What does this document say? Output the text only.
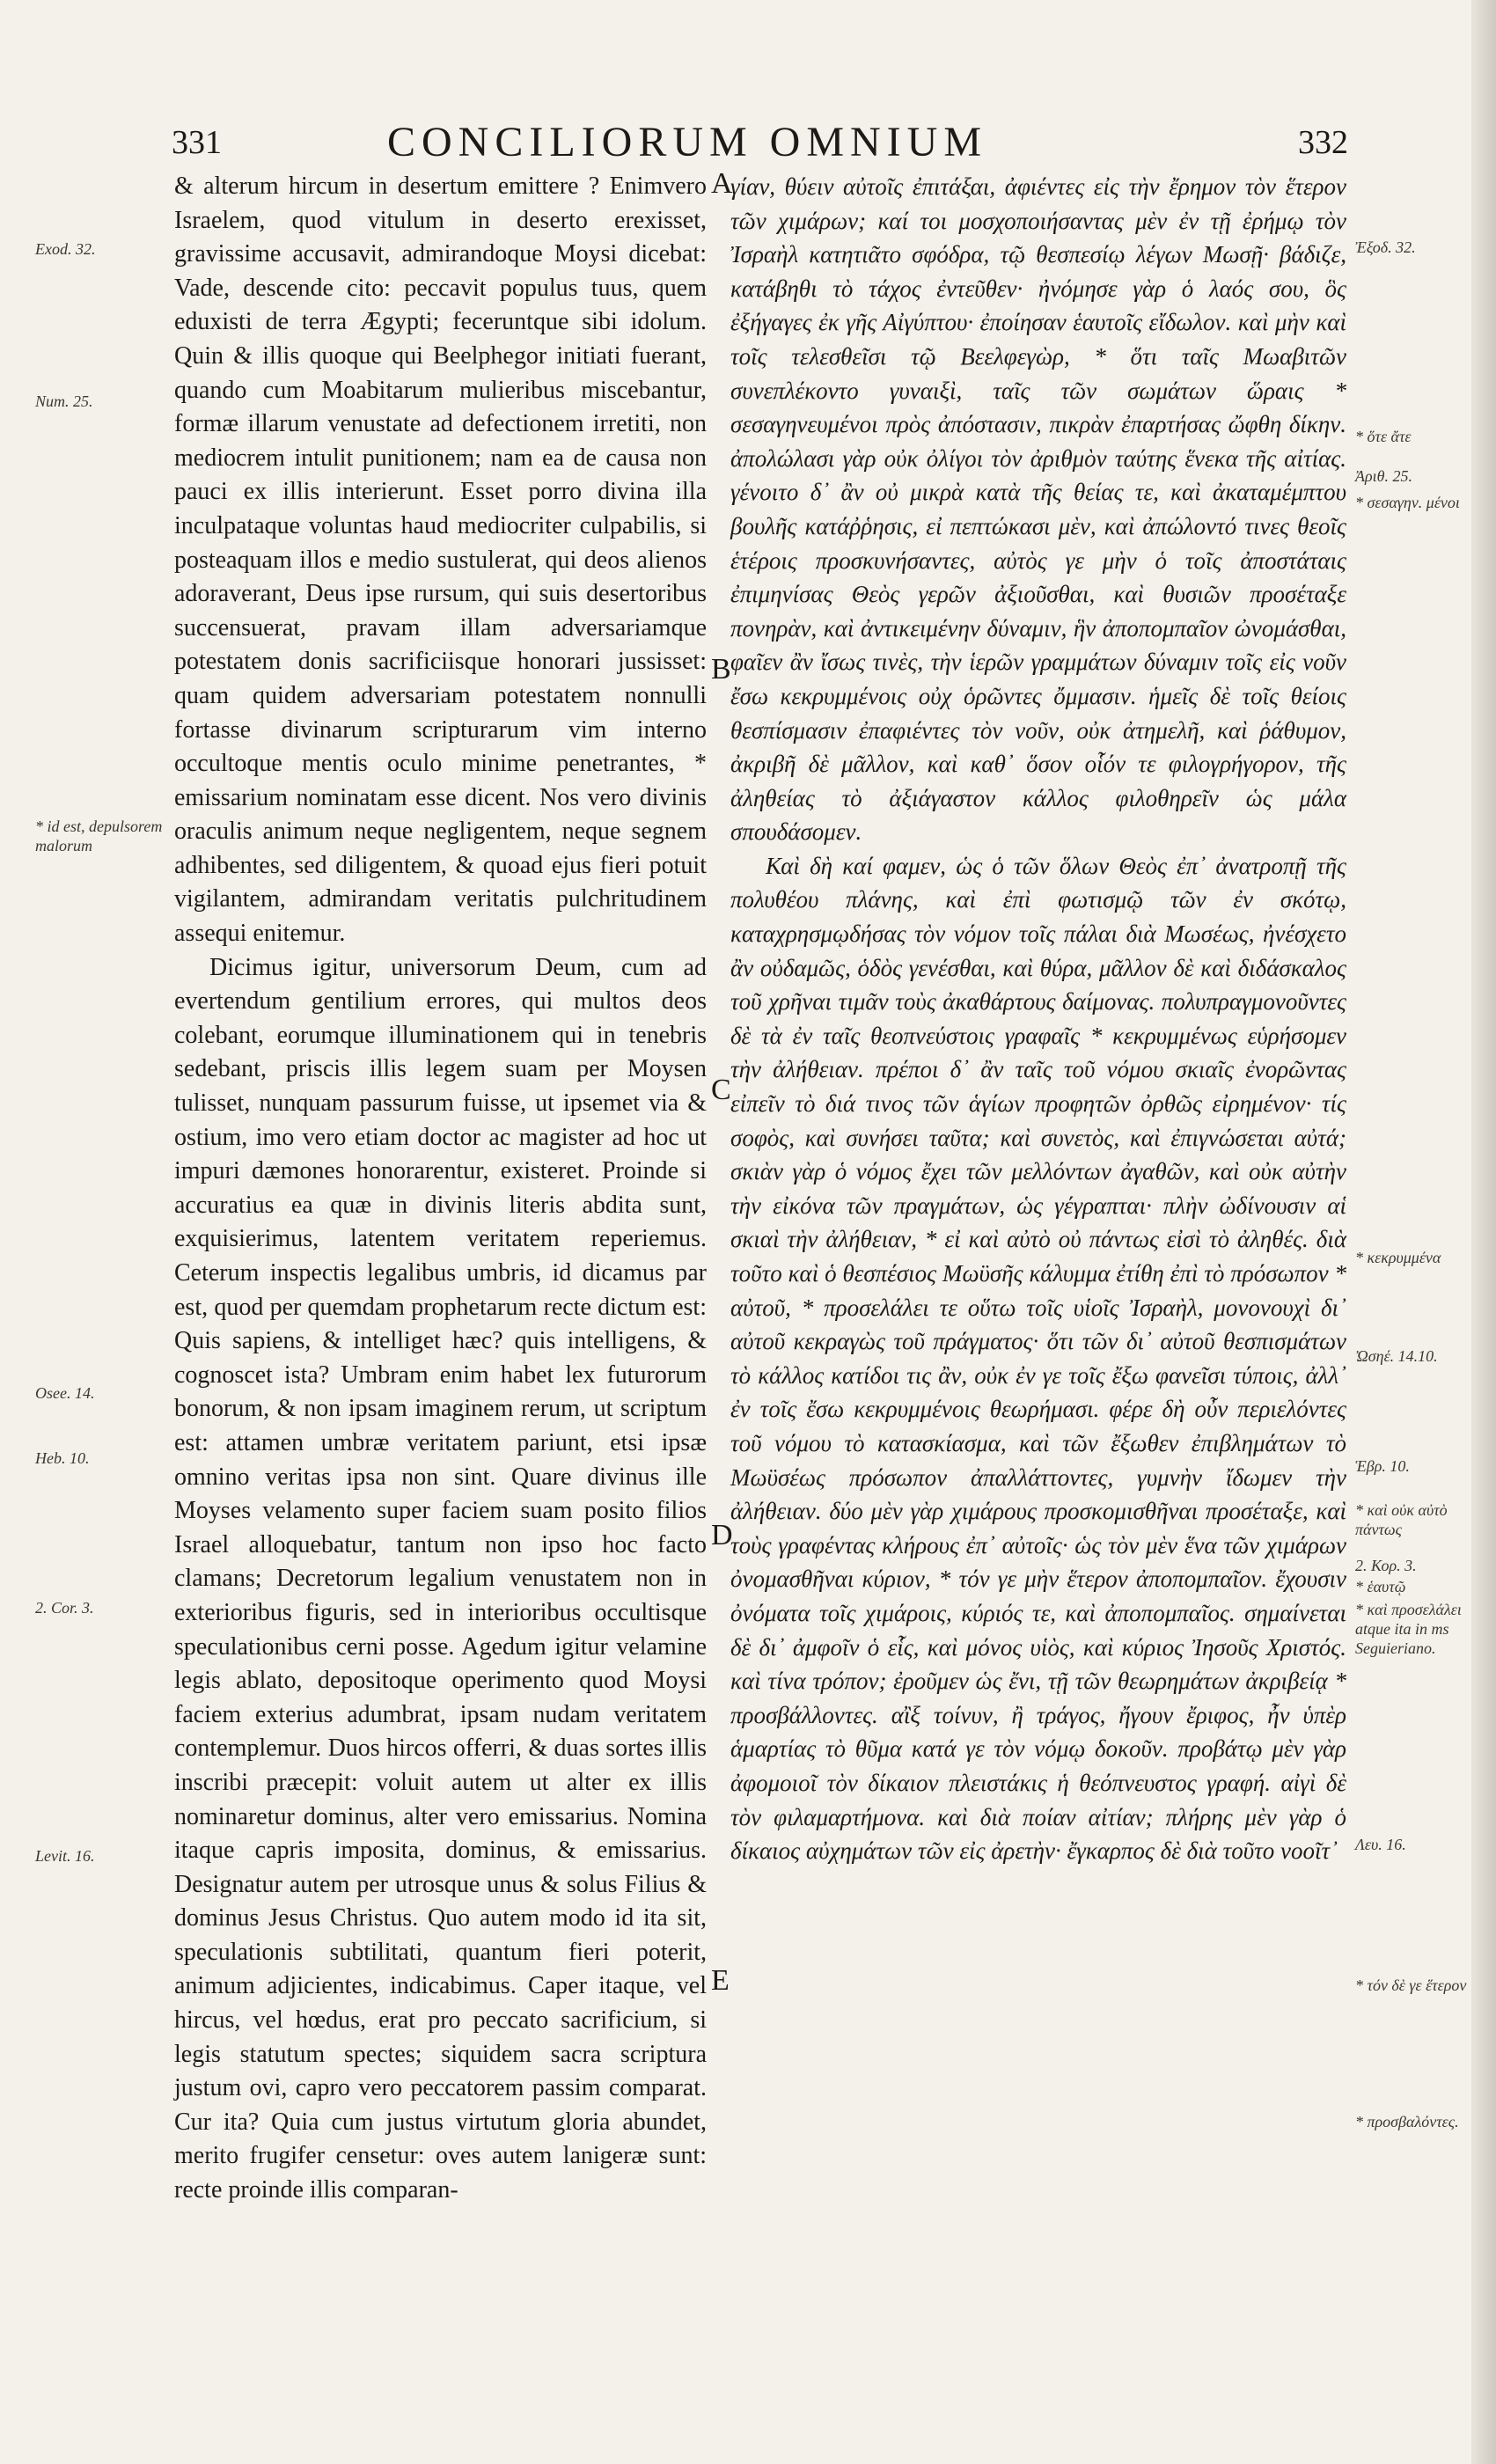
331	CONCILIORUM OMNIUM	332
Exod. 32.
Num. 25.
* id est, depulsorem malorum
Osee. 14.
Heb. 10.
2. Cor. 3.
Levit. 16.

& alterum hircum in desertum emittere ? Enimvero Israelem, quod vitulum in deserto erexisset, gravissime accusavit, admirandoque Moysi dicebat: Vade, descende cito: peccavit populus tuus, quem eduxisti de terra Ægypti; feceruntque sibi idolum. Quin & illis quoque qui Beelphegor initiati fuerant, quando cum Moabitarum mulieribus miscebantur, formæ illarum venustate ad defectionem irretiti, non mediocrem intulit punitionem; nam ea de causa non pauci ex illis interierunt. Esset porro divina illa inculpataque voluntas haud mediocriter culpabilis, si posteaquam illos e medio sustulerat, qui deos alienos adoraverant, Deus ipse rursum, qui suis desertoribus succensuerat, pravam illam adversariamque potestatem donis sacrificiisque honorari jussisset: quam quidem adversariam potestatem nonnulli fortasse divinarum scripturarum vim interno occultoque mentis oculo minime penetrantes, * emissarium nominatam esse dicent. Nos vero divinis oraculis animum neque negligentem, neque segnem adhibentes, sed diligentem, & quoad ejus fieri potuit vigilantem, admirandam veritatis pulchritudinem assequi enitemur.

Dicimus igitur, universorum Deum, cum ad evertendum gentilium errores, qui multos deos colebant, eorumque illuminationem qui in tenebris sedebant, priscis illis legem suam per Moysen tulisset, nunquam passurum fuisse, ut ipsemet via & ostium, imo vero etiam doctor ac magister ad hoc ut impuri dæmones honorarentur, existeret. Proinde si accuratius ea quæ in divinis literis abdita sunt, exquisierimus, latentem veritatem reperiemus. Ceterum inspectis legalibus umbris, id dicamus par est, quod per quemdam prophetarum recte dictum est: Quis sapiens, & intelliget hæc? quis intelligens, & cognoscet ista? Umbram enim habet lex futurorum bonorum, & non ipsam imaginem rerum, ut scriptum est: attamen umbræ veritatem pariunt, etsi ipsæ omnino veritas ipsa non sint. Quare divinus ille Moyses velamento super faciem suam posito filios Israel alloquebatur, tantum non ipso hoc facto clamans; Decretorum legalium venustatem non in exterioribus figuris, sed in interioribus occultisque speculationibus cerni posse. Agedum igitur velamine legis ablato, depositoque operimento quod Moysi faciem exterius adumbrat, ipsam nudam veritatem contemplemur. Duos hircos offerri, & duas sortes illis inscribi præcepit: voluit autem ut alter ex illis nominaretur dominus, alter vero emissarius. Nomina itaque capris imposita, dominus, & emissarius. Designatur autem per utrosque unus & solus Filius & dominus Jesus Christus. Quo autem modo id ita sit, speculationis subtilitati, quantum fieri poterit, animum adjicientes, indicabimus. Caper itaque, vel hircus, vel hœdus, erat pro peccato sacrificium, si legis statutum spectes; siquidem sacra scriptura justum ovi, capro vero peccatorem passim comparat. Cur ita? Quia cum justus virtutum gloria abundet, merito frugifer censetur: oves autem lanigeræ sunt: recte proinde illis comparan-

A
B
C
D
E

γίαν, θύειν αὐτοῖς ἐπιτάξαι, ἀφιέντες εἰς τὴν ἔρημον τὸν ἕτερον τῶν χιμάρων; καί τοι μοσχοποιήσαντας μὲν ἐν τῇ ἐρήμῳ τὸν Ἰσραὴλ κατητιᾶτο σφόδρα, τῷ θεσπεσίῳ λέγων Μωσῇ· βάδιζε, κατάβηθι τὸ τάχος ἐντεῦθεν· ἠνόμησε γὰρ ὁ λαός σου, ὃς ἐξήγαγες ἐκ γῆς Αἰγύπτου· ἐποίησαν ἑαυτοῖς εἴδωλον. καὶ μὴν καὶ τοῖς τελεσθεῖσι τῷ Βεελφεγὼρ, * ὅτι ταῖς Μωαβιτῶν συνεπλέκοντο γυναιξὶ, ταῖς τῶν σωμάτων ὥραις * σεσαγηνευμένοι πρὸς ἀπόστασιν, πικρὰν ἐπαρτήσας ὤφθη δίκην. ἀπολώλασι γὰρ οὐκ ὀλίγοι τὸν ἀριθμὸν ταύτης ἕνεκα τῆς αἰτίας. γένοιτο δ᾽ ἂν οὐ μικρὰ κατὰ τῆς θείας τε, καὶ ἀκαταμέμπτου βουλῆς κατάῤῥησις, εἰ πεπτώκασι μὲν, καὶ ἀπώλοντό τινες θεοῖς ἑτέροις προσκυνήσαντες, αὐτὸς γε μὴν ὁ τοῖς ἀποστάταις ἐπιμηνίσας Θεὸς γερῶν ἀξιοῦσθαι, καὶ θυσιῶν προσέταξε πονηρὰν, καὶ ἀντικειμένην δύναμιν, ἣν ἀποπομπαῖον ὠνομάσθαι, φαῖεν ἂν ἴσως τινὲς, τὴν ἱερῶν γραμμάτων δύναμιν τοῖς εἰς νοῦν ἔσω κεκρυμμένοις οὐχ ὁρῶντες ὄμμασιν. ἡμεῖς δὲ τοῖς θείοις θεσπίσμασιν ἐπαφιέντες τὸν νοῦν, οὐκ ἀτημελῆ, καὶ ῥάθυμον, ἀκριβῆ δὲ μᾶλλον, καὶ καθ᾽ ὅσον οἷόν τε φιλογρήγορον, τῆς ἀληθείας τὸ ἀξιάγαστον κάλλος φιλοθηρεῖν ὡς μάλα σπουδάσομεν.

Καὶ δὴ καί φαμεν, ὡς ὁ τῶν ὅλων Θεὸς ἐπ᾽ ἀνατροπῇ τῆς πολυθέου πλάνης, καὶ ἐπὶ φωτισμῷ τῶν ἐν σκότῳ, καταχρησμῳδήσας τὸν νόμον τοῖς πάλαι διὰ Μωσέως, ἠνέσχετο ἂν οὐδαμῶς, ὁδὸς γενέσθαι, καὶ θύρα, μᾶλλον δὲ καὶ διδάσκαλος τοῦ χρῆναι τιμᾶν τοὺς ἀκαθάρτους δαίμονας. πολυπραγμονοῦντες δὲ τὰ ἐν ταῖς θεοπνεύστοις γραφαῖς * κεκρυμμένως εὑρήσομεν τὴν ἀλήθειαν. πρέποι δ᾽ ἂν ταῖς τοῦ νόμου σκιαῖς ἐνορῶντας εἰπεῖν τὸ διά τινος τῶν ἁγίων προφητῶν ὀρθῶς εἰρημένον· τίς σοφὸς, καὶ συνήσει ταῦτα; καὶ συνετὸς, καὶ ἐπιγνώσεται αὐτά; σκιὰν γὰρ ὁ νόμος ἔχει τῶν μελλόντων ἀγαθῶν, καὶ οὐκ αὐτὴν τὴν εἰκόνα τῶν πραγμάτων, ὡς γέγραπται· πλὴν ὠδίνουσιν αἱ σκιαὶ τὴν ἀλήθειαν, * εἰ καὶ αὐτὸ οὐ πάντως εἰσὶ τὸ ἀληθές. διὰ τοῦτο καὶ ὁ θεσπέσιος Μωϋσῆς κάλυμμα ἐτίθη ἐπὶ τὸ πρόσωπον * αὐτοῦ, * προσελάλει τε οὕτω τοῖς υἱοῖς Ἰσραὴλ, μονονουχὶ δι᾽ αὐτοῦ κεκραγὼς τοῦ πράγματος· ὅτι τῶν δι᾽ αὐτοῦ θεσπισμάτων τὸ κάλλος κατίδοι τις ἂν, οὐκ ἐν γε τοῖς ἔξω φανεῖσι τύποις, ἀλλ᾽ ἐν τοῖς ἔσω κεκρυμμένοις θεωρήμασι. φέρε δὴ οὖν περιελόντες τοῦ νόμου τὸ κατασκίασμα, καὶ τῶν ἔξωθεν ἐπιβλημάτων τὸ Μωϋσέως πρόσωπον ἀπαλλάττοντες, γυμνὴν ἴδωμεν τὴν ἀλήθειαν. δύο μὲν γὰρ χιμάρους προσκομισθῆναι προσέταξε, καὶ τοὺς γραφέντας κλήρους ἐπ᾽ αὐτοῖς· ὡς τὸν μὲν ἕνα τῶν χιμάρων ὀνομασθῆναι κύριον, * τόν γε μὴν ἕτερον ἀποπομπαῖον. ἔχουσιν ὀνόματα τοῖς χιμάροις, κύριός τε, καὶ ἀποπομπαῖος. σημαίνεται δὲ δι᾽ ἀμφοῖν ὁ εἷς, καὶ μόνος υἱὸς, καὶ κύριος Ἰησοῦς Χριστός. καὶ τίνα τρόπον; ἐροῦμεν ὡς ἔνι, τῇ τῶν θεωρημάτων ἀκριβείᾳ * προσβάλλοντες. αἲξ τοίνυν, ἢ τράγος, ἤγουν ἔριφος, ἦν ὑπὲρ ἁμαρτίας τὸ θῦμα κατά γε τὸν νόμῳ δοκοῦν. προβάτῳ μὲν γὰρ ἀφομοιοῖ τὸν δίκαιον πλειστάκις ἡ θεόπνευστος γραφή. αἰγὶ δὲ τὸν φιλαμαρτήμονα. καὶ διὰ ποίαν αἰτίαν; πλήρης μὲν γὰρ ὁ δίκαιος αὐχημάτων τῶν εἰς ἀρετὴν· ἔγκαρπος δὲ διὰ τοῦτο νοοῖτ᾽

Ἐξοδ. 32.
* ὅτε ἄτε
Ἀριθ. 25.
* σεσαγην. μένοι
* κεκρυμμένα
Ὠσηέ. 14.10.
Ἑβρ. 10.
* καὶ οὐκ αὐτὸ πάντως
2. Κορ. 3.
* ἑαυτῷ
* καὶ προσελάλει atque ita in ms Seguieriano.
Λευ. 16.
* τόν δὲ γε ἕτερον
* προσβαλόντες.
